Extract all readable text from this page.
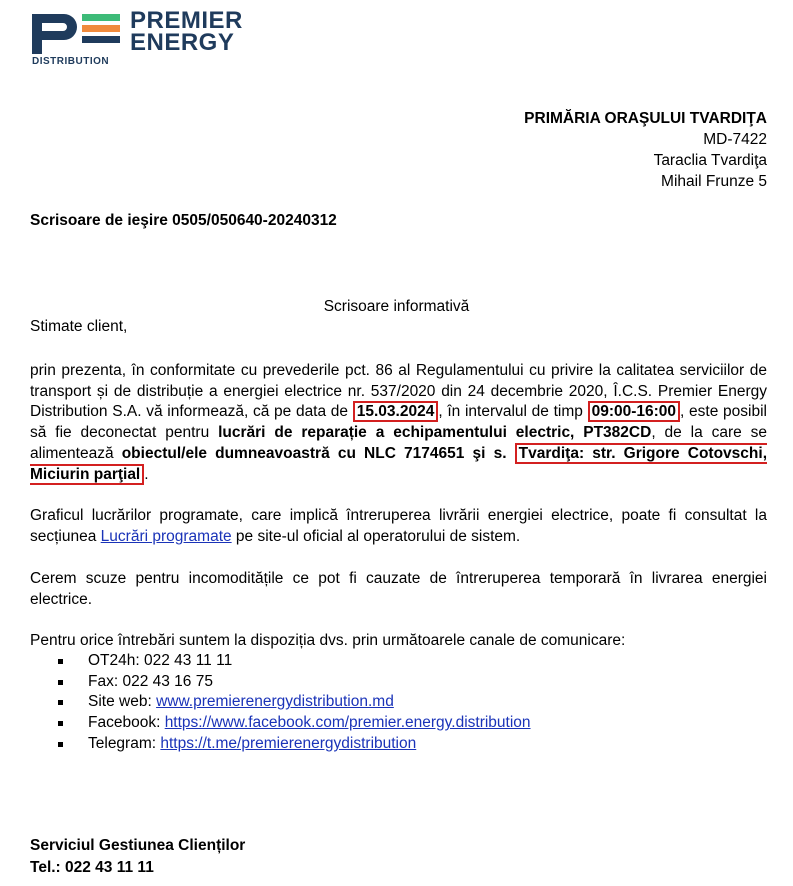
PREMIER
ENERGY
DISTRIBUTION
PRIMĂRIA ORAŞULUI TVARDIŢA
MD-7422
Taraclia Tvardiţa
Mihail Frunze 5
Scrisoare de ieşire 0505/050640-20240312
Scrisoare informativă
Stimate client,
prin prezenta, în conformitate cu prevederile pct. 86 al Regulamentului cu privire la calitatea serviciilor de transport și de distribuție a energiei electrice nr. 537/2020 din 24 decembrie 2020, Î.C.S. Premier Energy Distribution S.A. vă informează, că pe data de 15.03.2024 , în intervalul de timp 09:00-16:00 , este posibil să fie deconectat pentru lucrări de reparație a echipamentului electric, PT382CD, de la care se alimentează obiectul/ele dumneavoastră cu NLC 7174651 şi s. Tvardiţa: str. Grigore Cotovschi, Miciurin parţial .
Graficul lucrărilor programate, care implică întreruperea livrării energiei electrice, poate fi consultat la secțiunea Lucrări programate pe site-ul oficial al operatorului de sistem.
Cerem scuze pentru incomoditățile ce pot fi cauzate de întreruperea temporară în livrarea energiei electrice.
Pentru orice întrebări suntem la dispoziția dvs. prin următoarele canale de comunicare:
OT24h: 022 43 11 11
Fax: 022 43 16 75
Site web: www.premierenergydistribution.md
Facebook: https://www.facebook.com/premier.energy.distribution
Telegram: https://t.me/premierenergydistribution
Serviciul Gestiunea Clienților
Tel.: 022 43 11 11
